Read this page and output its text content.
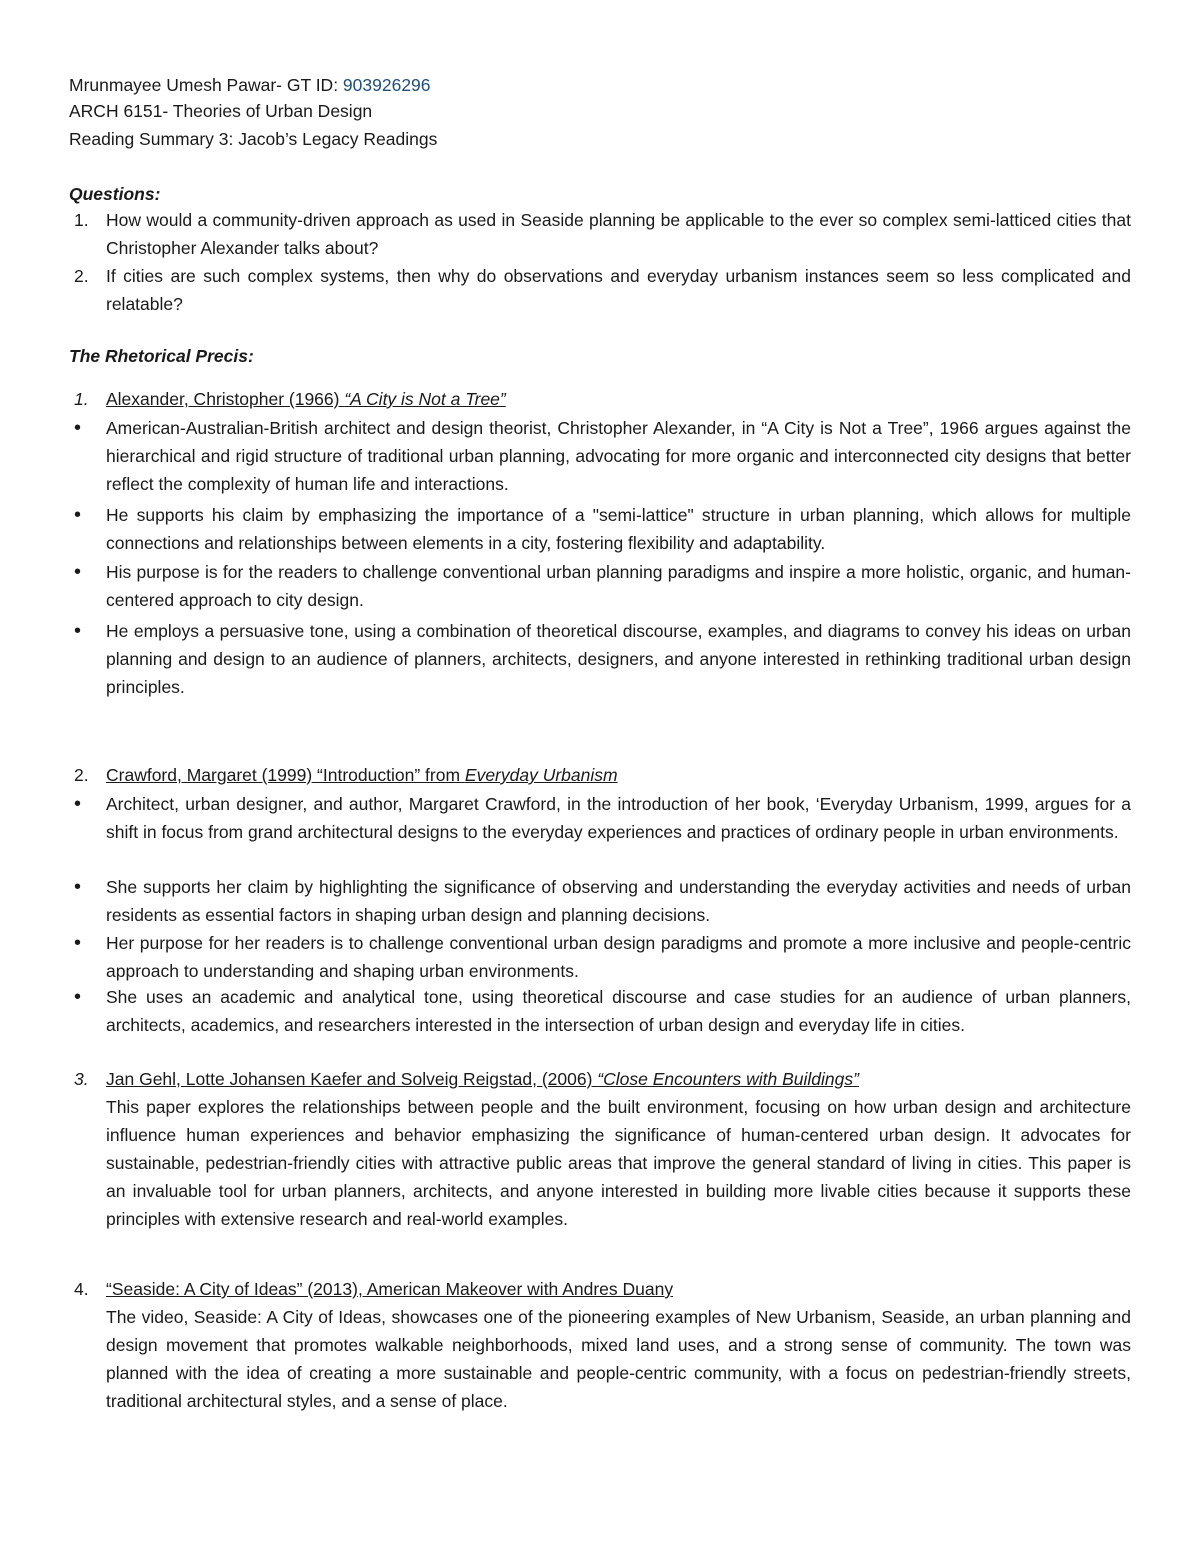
Mrunmayee Umesh Pawar- GT ID: 903926296
ARCH 6151- Theories of Urban Design
Reading Summary 3: Jacob’s Legacy Readings
Questions:
1. How would a community-driven approach as used in Seaside planning be applicable to the ever so complex semi-latticed cities that Christopher Alexander talks about?
2. If cities are such complex systems, then why do observations and everyday urbanism instances seem so less complicated and relatable?
The Rhetorical Precis:
1. Alexander, Christopher (1966) “A City is Not a Tree”
• American-Australian-British architect and design theorist, Christopher Alexander, in “A City is Not a Tree”, 1966 argues against the hierarchical and rigid structure of traditional urban planning, advocating for more organic and interconnected city designs that better reflect the complexity of human life and interactions.
• He supports his claim by emphasizing the importance of a "semi-lattice" structure in urban planning, which allows for multiple connections and relationships between elements in a city, fostering flexibility and adaptability.
• His purpose is for the readers to challenge conventional urban planning paradigms and inspire a more holistic, organic, and human-centered approach to city design.
• He employs a persuasive tone, using a combination of theoretical discourse, examples, and diagrams to convey his ideas on urban planning and design to an audience of planners, architects, designers, and anyone interested in rethinking traditional urban design principles.
2. Crawford, Margaret (1999) “Introduction” from Everyday Urbanism
• Architect, urban designer, and author, Margaret Crawford, in the introduction of her book, ‘Everyday Urbanism, 1999, argues for a shift in focus from grand architectural designs to the everyday experiences and practices of ordinary people in urban environments.
• She supports her claim by highlighting the significance of observing and understanding the everyday activities and needs of urban residents as essential factors in shaping urban design and planning decisions.
• Her purpose for her readers is to challenge conventional urban design paradigms and promote a more inclusive and people-centric approach to understanding and shaping urban environments.
• She uses an academic and analytical tone, using theoretical discourse and case studies for an audience of urban planners, architects, academics, and researchers interested in the intersection of urban design and everyday life in cities.
3. Jan Gehl, Lotte Johansen Kaefer and Solveig Reigstad, (2006) “Close Encounters with Buildings”
This paper explores the relationships between people and the built environment, focusing on how urban design and architecture influence human experiences and behavior emphasizing the significance of human-centered urban design. It advocates for sustainable, pedestrian-friendly cities with attractive public areas that improve the general standard of living in cities. This paper is an invaluable tool for urban planners, architects, and anyone interested in building more livable cities because it supports these principles with extensive research and real-world examples.
4. “Seaside: A City of Ideas” (2013), American Makeover with Andres Duany
The video, Seaside: A City of Ideas, showcases one of the pioneering examples of New Urbanism, Seaside, an urban planning and design movement that promotes walkable neighborhoods, mixed land uses, and a strong sense of community. The town was planned with the idea of creating a more sustainable and people-centric community, with a focus on pedestrian-friendly streets, traditional architectural styles, and a sense of place.
